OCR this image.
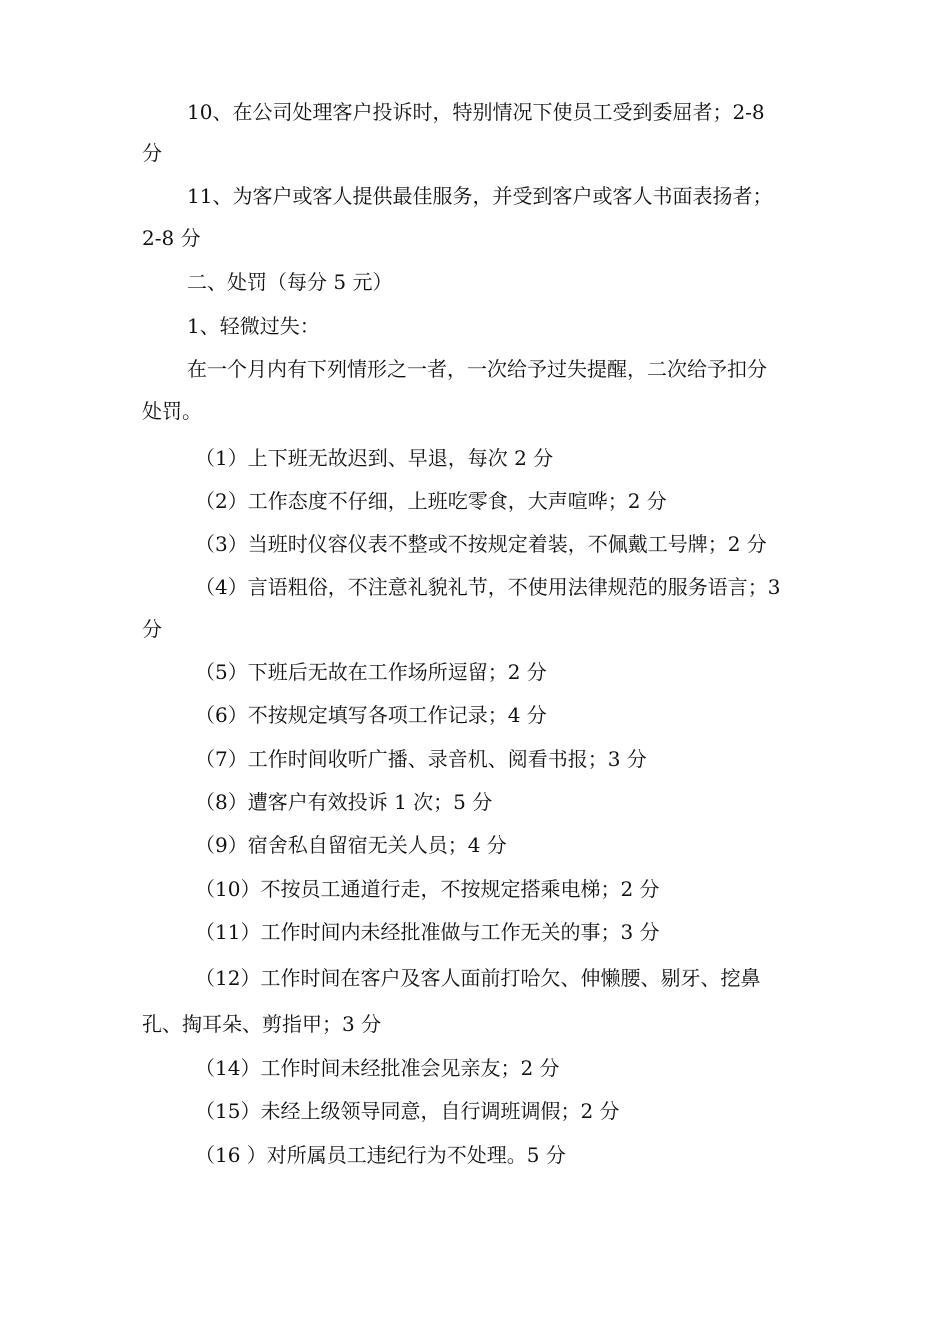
10、在公司处理客户投诉时，特别情况下使员工受到委屈者；2-8
分
11、为客户或客人提供最佳服务，并受到客户或客人书面表扬者；
2-8 分
二、处罚（每分 5 元）
1、轻微过失：
在一个月内有下列情形之一者，一次给予过失提醒，二次给予扣分
处罚。
（1）上下班无故迟到、早退，每次 2 分
（2）工作态度不仔细，上班吃零食，大声喧哗；2 分
（3）当班时仪容仪表不整或不按规定着装，不佩戴工号牌；2 分
（4）言语粗俗，不注意礼貌礼节，不使用法律规范的服务语言；3
分
（5）下班后无故在工作场所逗留；2 分
（6）不按规定填写各项工作记录；4 分
（7）工作时间收听广播、录音机、阅看书报；3 分
（8）遭客户有效投诉 1 次；5 分
（9）宿舍私自留宿无关人员；4 分
（10）不按员工通道行走，不按规定搭乘电梯；2 分
（11）工作时间内未经批准做与工作无关的事；3 分
（12）工作时间在客户及客人面前打哈欠、伸懒腰、剔牙、挖鼻
孔、掏耳朵、剪指甲；3 分
（14）工作时间未经批准会见亲友；2 分
（15）未经上级领导同意，自行调班调假；2 分
（16 ）对所属员工违纪行为不处理。5 分
